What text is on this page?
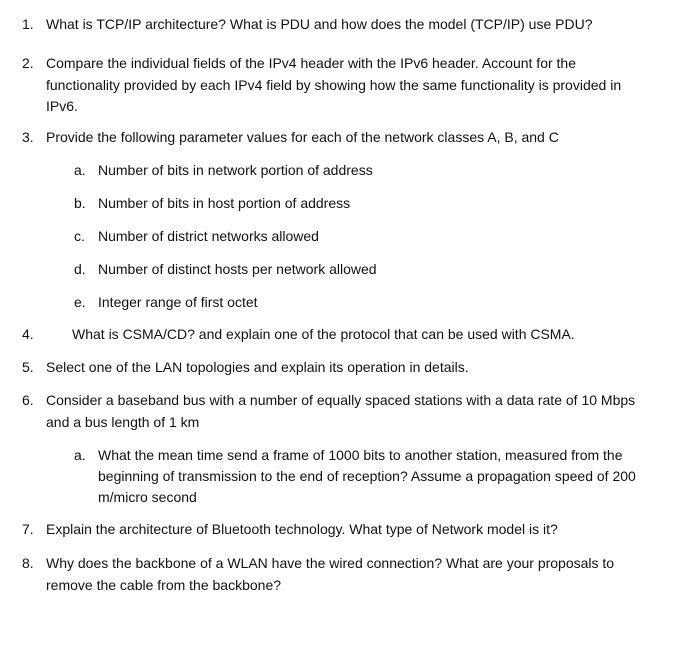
1. What is TCP/IP architecture? What is PDU and how does the model (TCP/IP) use PDU?
2. Compare the individual fields of the IPv4 header with the IPv6 header. Account for the
functionality provided by each IPv4 field by showing how the same functionality is provided in
IPv6.
3. Provide the following parameter values for each of the network classes A, B, and C
a. Number of bits in network portion of address
b. Number of bits in host portion of address
c. Number of district networks allowed
d. Number of distinct hosts per network allowed
e. Integer range of first octet
4.	What is CSMA/CD? and explain one of the protocol that can be used with CSMA.
5. Select one of the LAN topologies and explain its operation in details.
6. Consider a baseband bus with a number of equally spaced stations with a data rate of 10 Mbps
and a bus length of 1 km
a. What the mean time send a frame of 1000 bits to another station, measured from the
beginning of transmission to the end of reception? Assume a propagation speed of 200
m/micro second
7. Explain the architecture of Bluetooth technology. What type of Network model is it?
8. Why does the backbone of a WLAN have the wired connection? What are your proposals to
remove the cable from the backbone?
